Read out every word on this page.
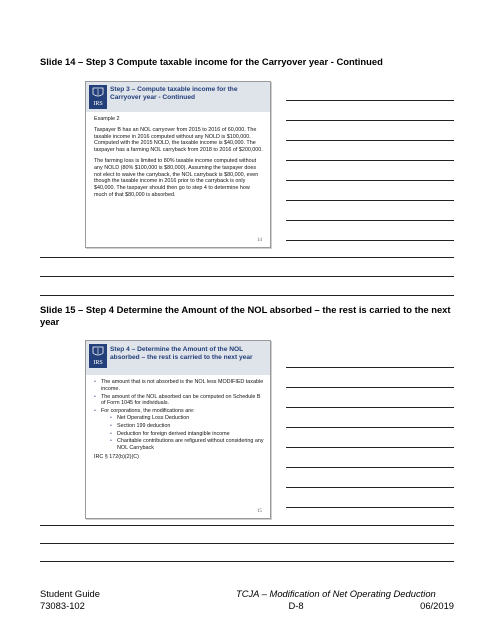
Slide 14 – Step 3 Compute taxable income for the Carryover year - Continued
IRS
Step 3 – Compute taxable income for the
Carryover year - Continued

Example 2

Taxpayer B has an NOL carryover from 2015 to 2016 of 60,000. The taxable income in 2016 computed without any NOLD is $100,000. Computed with the 2015 NOLD, the taxable income is $40,000. The taxpayer has a farming NOL carryback from 2018 to 2016 of $200,000.

The farming loss is limited to 80% taxable income computed without any NOLD (80% $100,000 is $80,000). Assuming the taxpayer does not elect to waive the carryback, the NOL carryback is $80,000, even though the taxable income in 2016 prior to the carryback is only $40,000. The taxpayer should then go to step 4 to determine how much of that $80,000 is absorbed.

14
Slide 15 – Step 4 Determine the Amount of the NOL absorbed – the rest is carried to the next year
IRS
Step 4 – Determine the Amount of the NOL
absorbed – the rest is carried to the next year
• The amount that is not absorbed is the NOL less MODIFIED taxable income.
• The amount of the NOL absorbed can be computed on Schedule B of Form 1045 for individuals.
• For corporations, the modifications are:
• Net Operating Loss Deduction
• Section 199 deduction
• Deduction for foreign derived intangible income
• Charitable contributions are refigured without considering any NOL Carryback

IRC § 172(b)(2)(C)

15
Student Guide
73083-102
TCJA – Modification of Net Operating Deduction
D-8	06/2019
